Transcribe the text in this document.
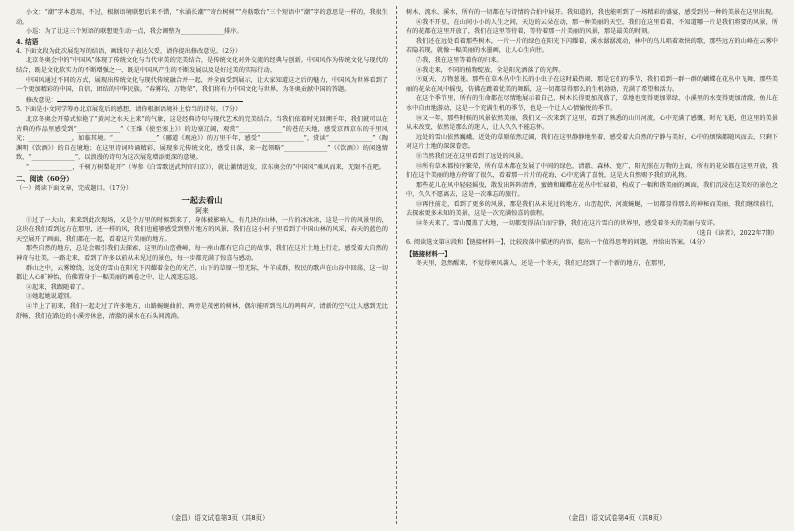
小文：“潮”字本意用，不过，根据语境联想后来不错，“水涌长潮”“寄台树树”“舟舫歌台”三个短语中“潮”字的意思是一样的，我很生动。

小巡：为了让这三个短语的联想更生动一点，我会调整为______________排序。

4. 结语

4. 下面文段为此次展览写的结语，画线句子表达欠妥，请你提出修改意见。（2分）

北京冬奥会中的“中国风”体现了传统文化与当代审美的完美结合，是传统文化对外交流的经典与创新。中国风作为传统文化与现代的结合，既是文化软实力的不断增强之一，既是中国风产生的不断发展以及是好过美的实际行动。

中国风通过不同的方式，展现出传统文化与现代传统融合并一起，并全面受到展示，让大家知道这之后的魅力，中国风为世界看到了一个更加精彩的中国，自信，团结的中华民族。“春雾均，万物荣”，我们将有力中国文化与世界，为冬奥贡献中国的答题。

修改意见：

5. 下面是小文同学筹办北京展览后的感想，请你根据语境补上恰当的诗句。（7分）

北京冬奥会开幕式惊艳了“黄河之水天上来”的气象，这是经典诗句与现代艺术的完美结合。当我们依着时光回溯千年，我们就可以在古典的作品里感受到“______________”（王维《使至塞上》）的边塞辽阔，观赏“______________”的苍茫天地，感受京西京东的千里风光；______________，如临其境。“______________”（郦道《观沧》）的万里千年，感受“______________”，赏读“______________”（陶渊明《饮酒》）的自在境地；在这里诗词吟诵精彩，展现多元传统文化，感受日落，来一起领略“______________”（《饮酒》）的闲逸情致，“______________”，以浪漫的诗句为这次展览增添更深的意境。

“______________，千树万树梨花开”（岑参《白雪歌送武判官归京》），就让激情迸发，京东奥会的“中国风”乘风而来，无限不在吧。

二、阅读（60分）

（一）阅读下面文章，完成题目。（17分）

一起去看山

阿来

①过了一大山，来来到此次现场，又是个万里的时候到来了，身体被影响入，有几块的山林，一片的冰冰冰，这是一片的风景里的，这块在我们看到远方在那里，还一样的风，我们也能够感受到整片地方的风景，我们在这小村子里看到了中国山林的风采，春天的蓝色的天空展开了画面，我们都在一起，看着这片美丽的地方。

那些自然的地方，总是会吸引我们去探索，这里的山峦叠嶂，每一座山都有它自己的故事，我们在这片土地上行走，感受着大自然的神奇与壮美，一路走来，看到了许多以前从未见过的景色，每一步都充满了惊喜与感动。

群山之中，云雾缭绕，远处的雪山在阳光下闪耀着金色的光芒，山下的草原一望无际，牛羊成群，牧民的歌声在山谷中回荡，这一切都让人心旷神怡，仿佛置身于一幅美丽的画卷之中，让人流连忘返。

②起来，我跟随着了。

③她起她说道别。

④半上了初来，我们一起走过了许多地方，山路蜿蜒曲折，两旁是茂密的树林，偶尔能听到鸟儿的鸣叫声，清新的空气让人感到无比舒畅，我们在路边的小溪旁休息，清澈的溪水在石头间流淌。

树木、流水、溪水，所有的一切都在与诗情的合拍中展开。我知道的，我也能听到了一场精彩的盛宴，感受到另一种的美景在这里出现。

⑥我不开星，在山间小小的人生之间，天边的云朵在动，那一种美丽的天空，我们在这里看着，不知道哪一片是我们将要的风景，所有的花都在这里开放了，我们在这里等待着，等待着那一片美丽的风景，那是最美的时刻。

我们还在远处看着那些树木，一片一片的绿色在阳光下闪耀着，溪水潺潺流动，林中的鸟儿唱着欢快的歌，那些远方的山峰在云雾中若隐若现，就像一幅美丽的水墨画，让人心生向往。

⑦我，我在这里等着你的归来。

⑧我走来，不同的植物绽放，全是阳光洒落了的光辉。

⑨夏天，万物葱茏。那些在草木丛中生长的小虫子在这时最热闹，那是它们的季节，我们看到一群一群的蝴蝶在花丛中飞舞，那些美丽的花朵在风中摇曳，仿佛在跳着优美的舞蹈，这一切都显得那么的生机勃勃，充满了希望和活力。

在这个季节里，所有的生命都在尽情地展示着自己，树木长得更加茂盛了，草地也变得更加翠绿，小溪里的水变得更加清澈，鱼儿在水中自由地游动，这是一个充满生机的季节，也是一个让人心情愉悦的季节。

⑩又一年，那些时候的风景依然美丽，我们又一次来到了这里，看到了熟悉的山川河流，心中充满了感慨，时光飞逝，但这里的美景从未改变，依然是那么的迷人，让人久久不能忘怀。

远处的雪山依然巍峨，近处的草原依然辽阔，我们在这里静静地坐着，感受着大自然的宁静与美好，心中的烦恼都随风而去，只剩下对这片土地的深深眷恋。

⑪当然我们还在这里看到了远处的风景。

⑫所有草木都按序繁荣，所有草木都在发展了中间的绿色，清澈、森林、宽广，阳光照在万物的上面，所有的花朵都在这里开放，我们在这个美丽的地方停留了很久，看着那一片片的花海，心中充满了喜悦，这是大自然赐予我们的礼物。

那些花儿在风中轻轻摇曳，散发出阵阵清香，蜜蜂和蝴蝶在花丛中忙碌着，构成了一幅和谐美丽的画面，我们沉浸在这美好的景色之中，久久不愿离去，这是一次难忘的旅行。

⑬再往前走，看到了更多的风景，那是我们从未见过的地方，山峦起伏，河流蜿蜒，一切都显得那么的神秘而美丽，我们继续前行，去探索更多未知的美景，这是一次充满惊喜的旅程。

⑭冬天来了，雪山覆盖了大地，一切都变得洁白而宁静，我们在这片雪白的世界里，感受着冬天的美丽与安详。

（选自《读者》，2022年7期）

6. 阅读选文第④段和【链接材料一】，比较段落中描述的内容，提出一个值得思考的问题，并给出答案。（4分）

【链接材料一】

冬天里，忽然醒来，不觉得寒风袭人，还是一个冬天，我们已经到了一个新的地方，在那里，

（金昌）语文试卷第3页（共8页）	（金昌）语文试卷第4页（共8页）
